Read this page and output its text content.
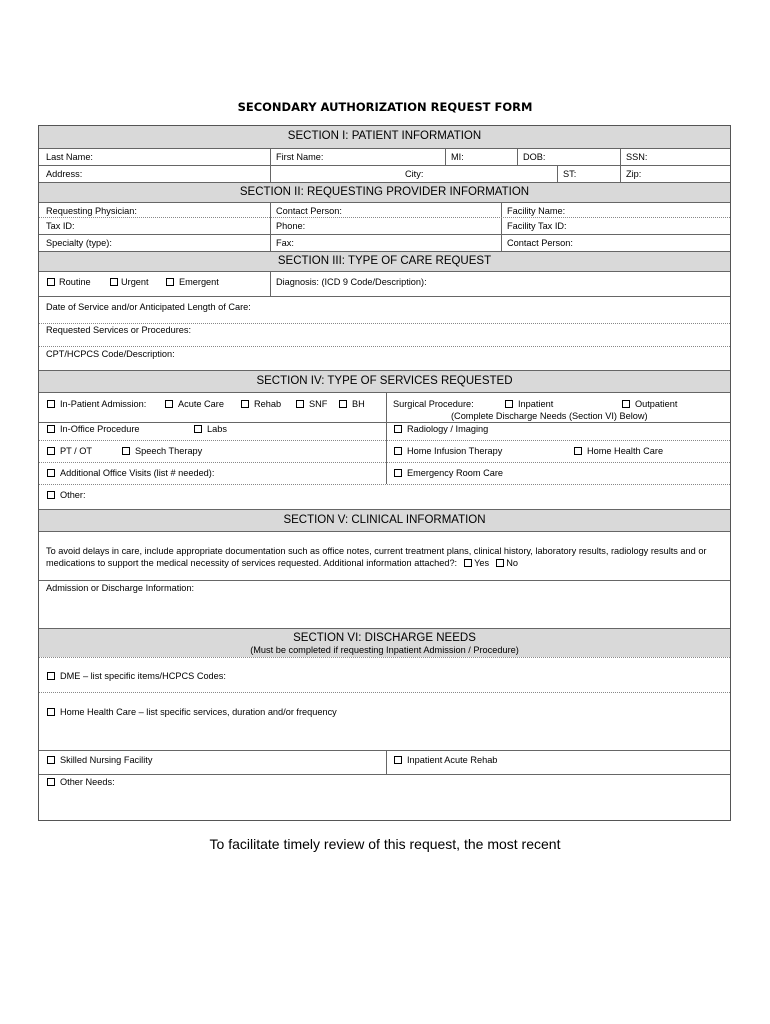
SECONDARY AUTHORIZATION REQUEST FORM
SECTION I: PATIENT INFORMATION
Last Name:	First Name:	MI:	DOB:	SSN:
Address:	City:	ST:	Zip:
SECTION II: REQUESTING PROVIDER INFORMATION
Requesting Physician:	Contact Person:	Facility Name:
Tax ID:	Phone:	Facility Tax ID:
Specialty (type):	Fax:	Contact Person:
SECTION III: TYPE OF CARE REQUEST
Routine	Urgent	Emergent	Diagnosis: (ICD 9 Code/Description):
Date of Service and/or Anticipated Length of Care:
Requested Services or Procedures:
CPT/HCPCS Code/Description:
SECTION IV: TYPE OF SERVICES REQUESTED
In-Patient Admission:	Acute Care	Rehab	SNF	BH	Surgical Procedure:	Inpatient	Outpatient
(Complete Discharge Needs (Section VI) Below)
In-Office Procedure	Labs	Radiology / Imaging
PT / OT	Speech Therapy	Home Infusion Therapy	Home Health Care
Additional Office Visits (list # needed):	Emergency Room Care
Other:
SECTION V: CLINICAL INFORMATION
To avoid delays in care, include appropriate documentation such as office notes, current treatment plans, clinical history, laboratory results, radiology results and or medications to support the medical necessity of services requested. Additional information attached?: Yes No
Admission or Discharge Information:
SECTION VI: DISCHARGE NEEDS
(Must be completed if requesting Inpatient Admission / Procedure)
DME – list specific items/HCPCS Codes:
Home Health Care – list specific services, duration and/or frequency
Skilled Nursing Facility	Inpatient Acute Rehab
Other Needs:
To facilitate timely review of this request, the most recent
